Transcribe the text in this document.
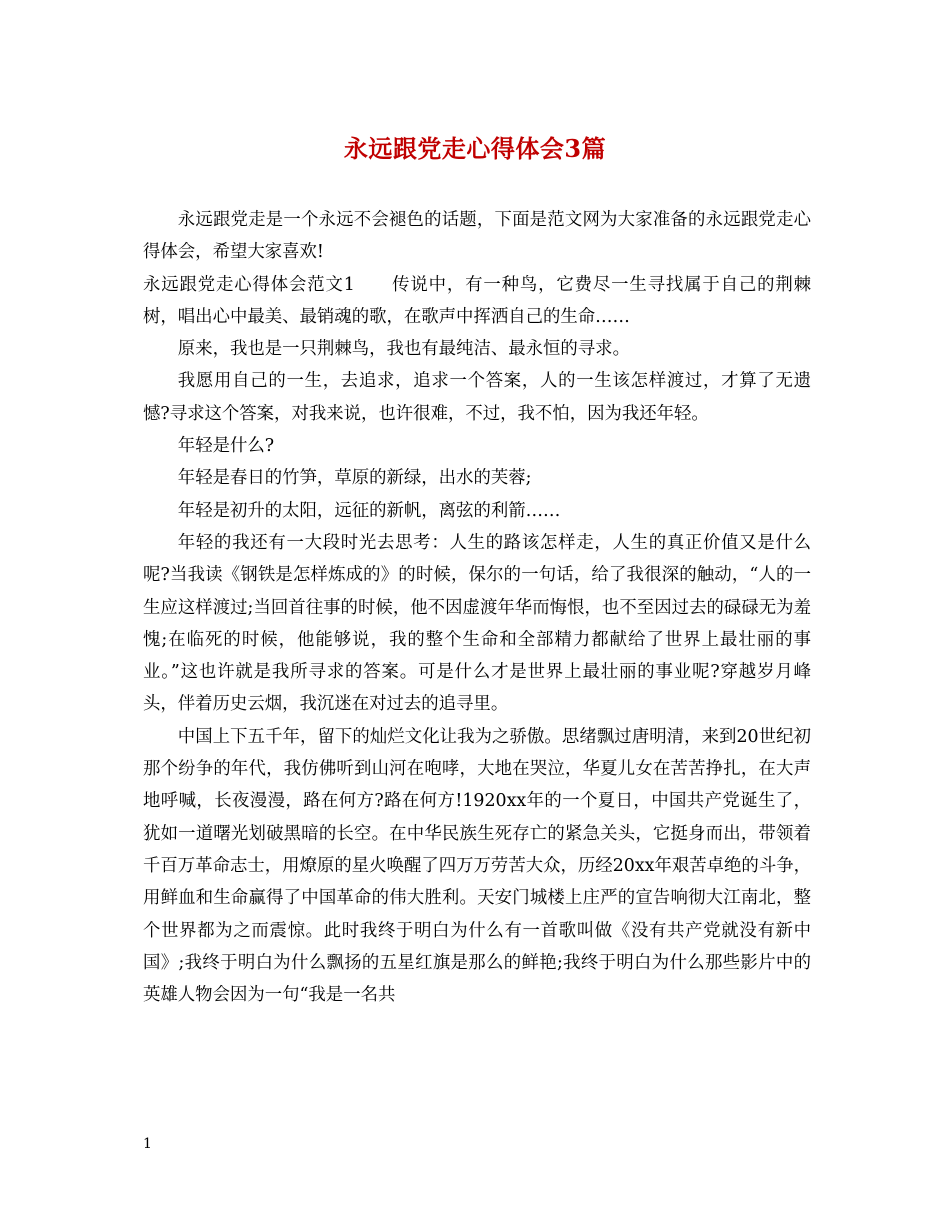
永远跟党走心得体会3篇

永远跟党走是一个永远不会褪色的话题，下面是范文网为大家准备的永远跟党走心得体会，希望大家喜欢!

永远跟党走心得体会范文1　　传说中，有一种鸟，它费尽一生寻找属于自己的荆棘树，唱出心中最美、最销魂的歌，在歌声中挥洒自己的生命……

原来，我也是一只荆棘鸟，我也有最纯洁、最永恒的寻求。

我愿用自己的一生，去追求，追求一个答案，人的一生该怎样渡过，才算了无遗憾?寻求这个答案，对我来说，也许很难，不过，我不怕，因为我还年轻。

年轻是什么?

年轻是春日的竹笋，草原的新绿，出水的芙蓉;

年轻是初升的太阳，远征的新帆，离弦的利箭……

年轻的我还有一大段时光去思考：人生的路该怎样走，人生的真正价值又是什么呢?当我读《钢铁是怎样炼成的》的时候，保尔的一句话，给了我很深的触动，“人的一生应这样渡过;当回首往事的时候，他不因虚渡年华而悔恨，也不至因过去的碌碌无为羞愧;在临死的时候，他能够说，我的整个生命和全部精力都献给了世界上最壮丽的事业。”这也许就是我所寻求的答案。可是什么才是世界上最壮丽的事业呢?穿越岁月峰头，伴着历史云烟，我沉迷在对过去的追寻里。

中国上下五千年，留下的灿烂文化让我为之骄傲。思绪飘过唐明清，来到20世纪初那个纷争的年代，我仿佛听到山河在咆哮，大地在哭泣，华夏儿女在苦苦挣扎，在大声地呼喊，长夜漫漫，路在何方?路在何方!1920xx年的一个夏日，中国共产党诞生了，犹如一道曙光划破黑暗的长空。在中华民族生死存亡的紧急关头，它挺身而出，带领着千百万革命志士，用燎原的星火唤醒了四万万劳苦大众，历经20xx年艰苦卓绝的斗争，用鲜血和生命赢得了中国革命的伟大胜利。天安门城楼上庄严的宣告响彻大江南北，整个世界都为之而震惊。此时我终于明白为什么有一首歌叫做《没有共产党就没有新中国》;我终于明白为什么飘扬的五星红旗是那么的鲜艳;我终于明白为什么那些影片中的英雄人物会因为一句“我是一名共

1
